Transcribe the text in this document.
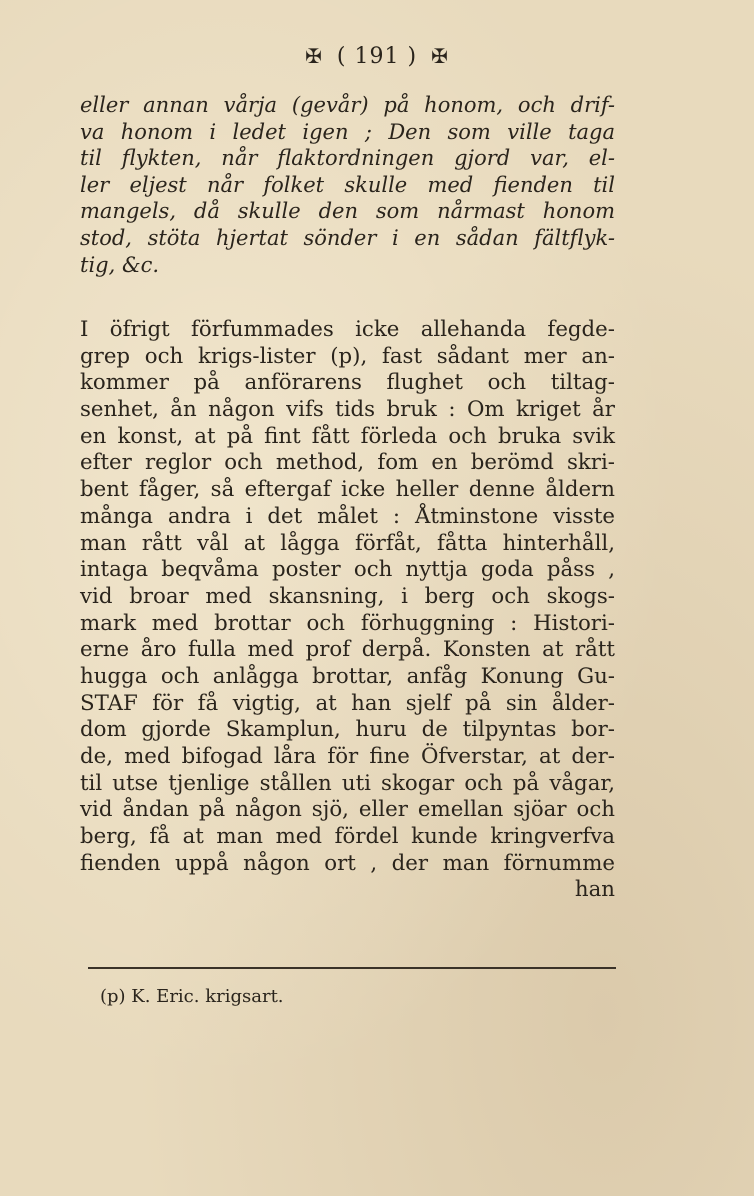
✠ ( 191 ) ✠
eller annan vårja (gevår) på honom, och drif-
va honom i ledet igen ; Den som ville taga
til flykten, når flaktordningen gjord var, el-
ler eljest når folket skulle med fienden til
mangels, då skulle den som nårmast honom
stod, stöta hjertat sönder i en sådan fältflyk-
tig, &c.
I öfrigt förfummades icke allehanda fegde-
grep och krigs-lister (p), fast sådant mer an-
kommer på anförarens flughet och tiltag-
senhet, ån någon vifs tids bruk : Om kriget år
en konst, at på fint fått förleda och bruka svik
efter reglor och method, fom en berömd skri-
bent fåger, så eftergaf icke heller denne åldern
många andra i det målet : Åtminstone visste
man rått vål at lågga förfåt, fåtta hinterhåll,
intaga beqvåma poster och nyttja goda påss ,
vid broar med skansning, i berg och skogs-
mark med brottar och förhuggning : Histori-
erne åro fulla med prof derpå. Konsten at rått
hugga och anlågga brottar, anfåg Konung Gu-
STAF för få vigtig, at han sjelf på sin ålder-
dom gjorde Skamplun, huru de tilpyntas bor-
de, med bifogad låra för fine Öfverstar, at der-
til utse tjenlige stållen uti skogar och på vågar,
vid åndan på någon sjö, eller emellan sjöar och
berg, få at man med fördel kunde kringverfva
fienden uppå någon ort , der man förnumme
han
(p) K. Eric. krigsart.
